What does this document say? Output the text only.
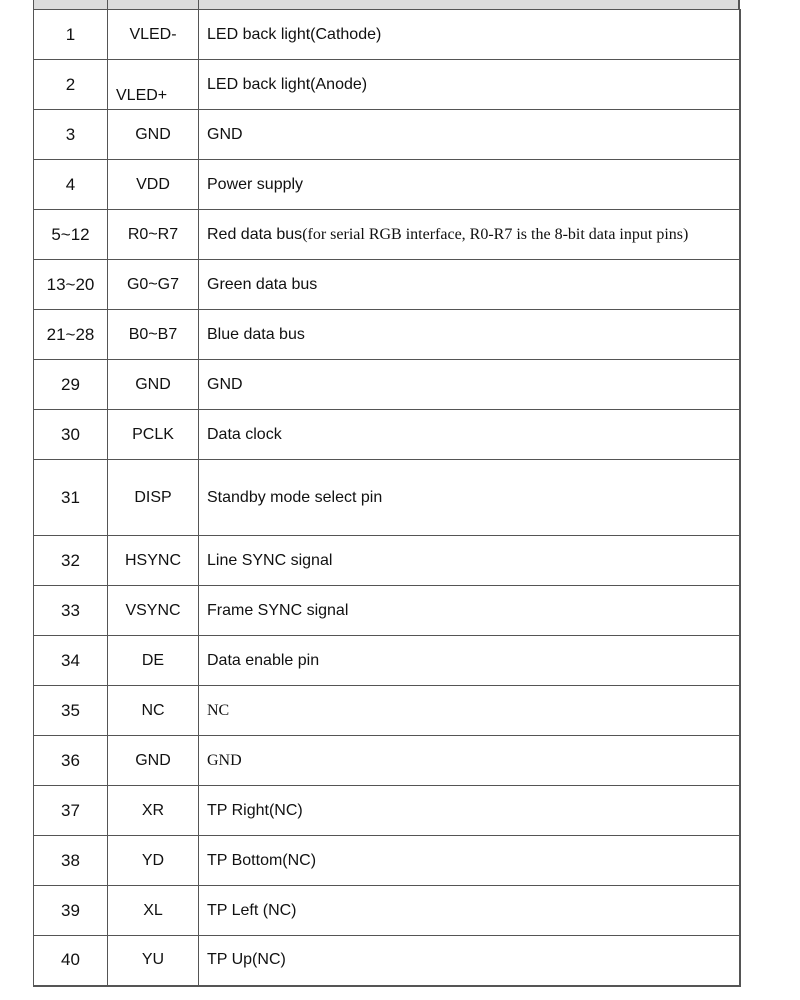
1	VLED-	LED back light(Cathode)
2	VLED+	LED back light(Anode)
3	GND	GND
4	VDD	Power supply
5~12	R0~R7	Red data bus(for serial RGB interface, R0-R7 is the 8-bit data input pins)
13~20	G0~G7	Green data bus
21~28	B0~B7	Blue data bus
29	GND	GND
30	PCLK	Data clock
31	DISP	Standby mode select pin
32	HSYNC	Line SYNC signal
33	VSYNC	Frame SYNC signal
34	DE	Data enable pin
35	NC	NC
36	GND	GND
37	XR	TP Right(NC)
38	YD	TP Bottom(NC)
39	XL	TP Left (NC)
40	YU	TP Up(NC)
